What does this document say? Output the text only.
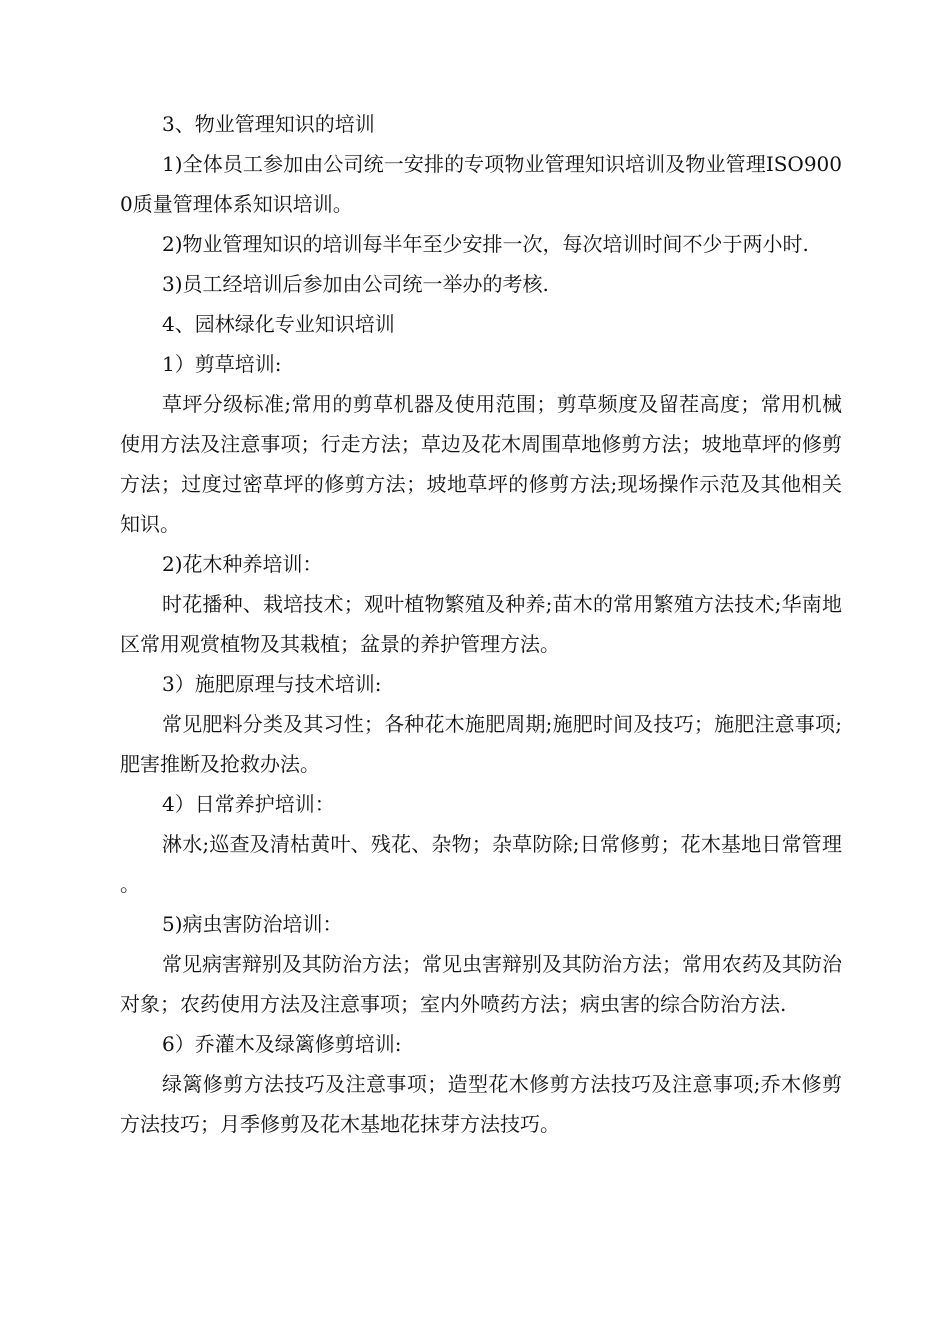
3、物业管理知识的培训

1)全体员工参加由公司统一安排的专项物业管理知识培训及物业管理ISO9000质量管理体系知识培训。

2)物业管理知识的培训每半年至少安排一次，每次培训时间不少于两小时.

3)员工经培训后参加由公司统一举办的考核.

4、园林绿化专业知识培训

1）剪草培训:

草坪分级标准;常用的剪草机器及使用范围；剪草频度及留茬高度；常用机械使用方法及注意事项；行走方法；草边及花木周围草地修剪方法；坡地草坪的修剪方法；过度过密草坪的修剪方法；坡地草坪的修剪方法;现场操作示范及其他相关知识。

2)花木种养培训：

时花播种、栽培技术；观叶植物繁殖及种养;苗木的常用繁殖方法技术;华南地区常用观赏植物及其栽植；盆景的养护管理方法。

3）施肥原理与技术培训:

常见肥料分类及其习性；各种花木施肥周期;施肥时间及技巧；施肥注意事项;肥害推断及抢救办法。

4）日常养护培训：

淋水;巡查及清枯黄叶、残花、杂物；杂草防除;日常修剪；花木基地日常管理。

5)病虫害防治培训：

常见病害辩别及其防治方法；常见虫害辩别及其防治方法；常用农药及其防治对象；农药使用方法及注意事项；室内外喷药方法；病虫害的综合防治方法.

6）乔灌木及绿篱修剪培训:

绿篱修剪方法技巧及注意事项；造型花木修剪方法技巧及注意事项;乔木修剪方法技巧；月季修剪及花木基地花抹芽方法技巧。
